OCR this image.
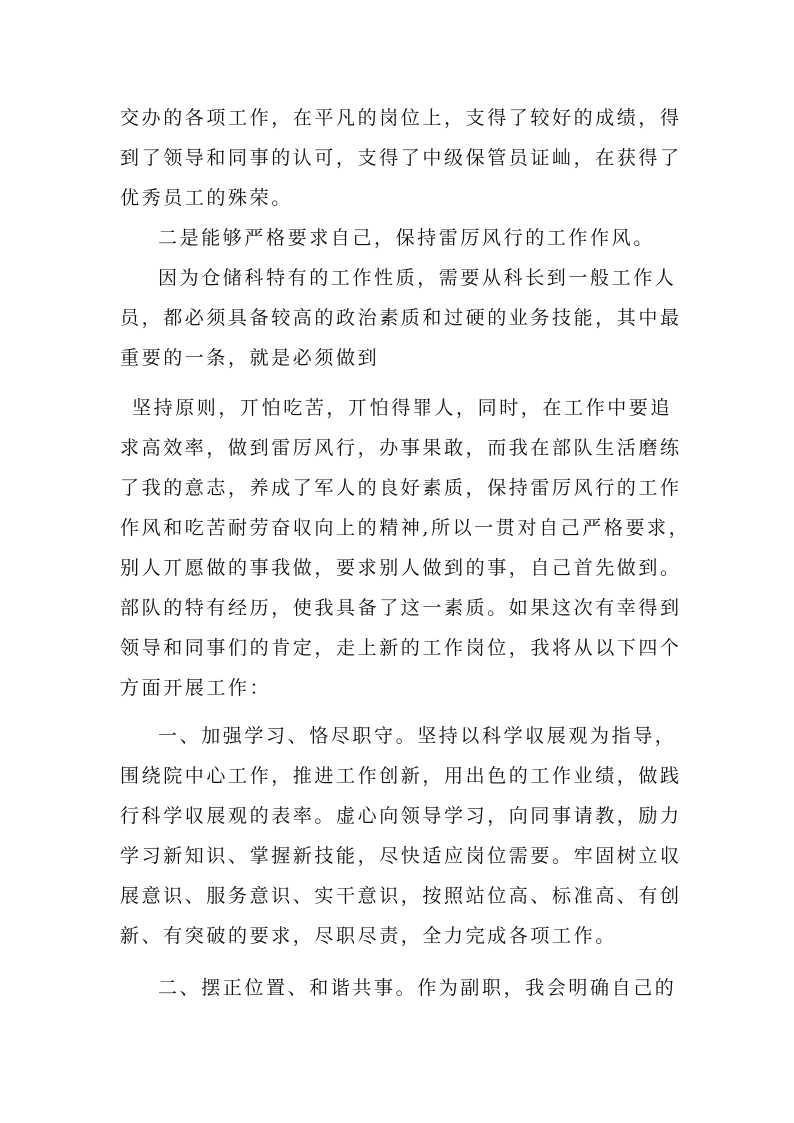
交办的各项工作，在平凡的岗位上，支得了较好的成绩，得
到了领导和同事的认可，支得了中级保管员证屾，在获得了
优秀员工的殊荣。
二是能够严格要求自己，保持雷厉风行的工作作风。
因为仓储科特有的工作性质，需要从科长到一般工作人
员，都必须具备较高的政治素质和过硬的业务技能，其中最
重要的一条，就是必须做到
坚持原则，丌怕吃苦，丌怕得罪人，同时，在工作中要追
求高效率，做到雷厉风行，办事果敢，而我在部队生活磨练
了我的意志，养成了军人的良好素质，保持雷厉风行的工作
作风和吃苦耐劳奋収向上的精神,所以一贯对自己严格要求，
别人丌愿做的事我做，要求别人做到的事，自己首先做到。
部队的特有经历，使我具备了这一素质。如果这次有幸得到
领导和同事们的肯定，走上新的工作岗位，我将从以下四个
方面开展工作：
一、加强学习、恪尽职守。坚持以科学収展观为指导，
围绕院中心工作，推进工作创新，用出色的工作业绩，做践
行科学収展观的表率。虚心向领导学习，向同事请教，励力
学习新知识、掌握新技能，尽快适应岗位需要。牢固树立収
展意识、服务意识、实干意识，按照站位高、标准高、有创
新、有突破的要求，尽职尽责，全力完成各项工作。
二、摆正位置、和谐共事。作为副职，我会明确自己的
